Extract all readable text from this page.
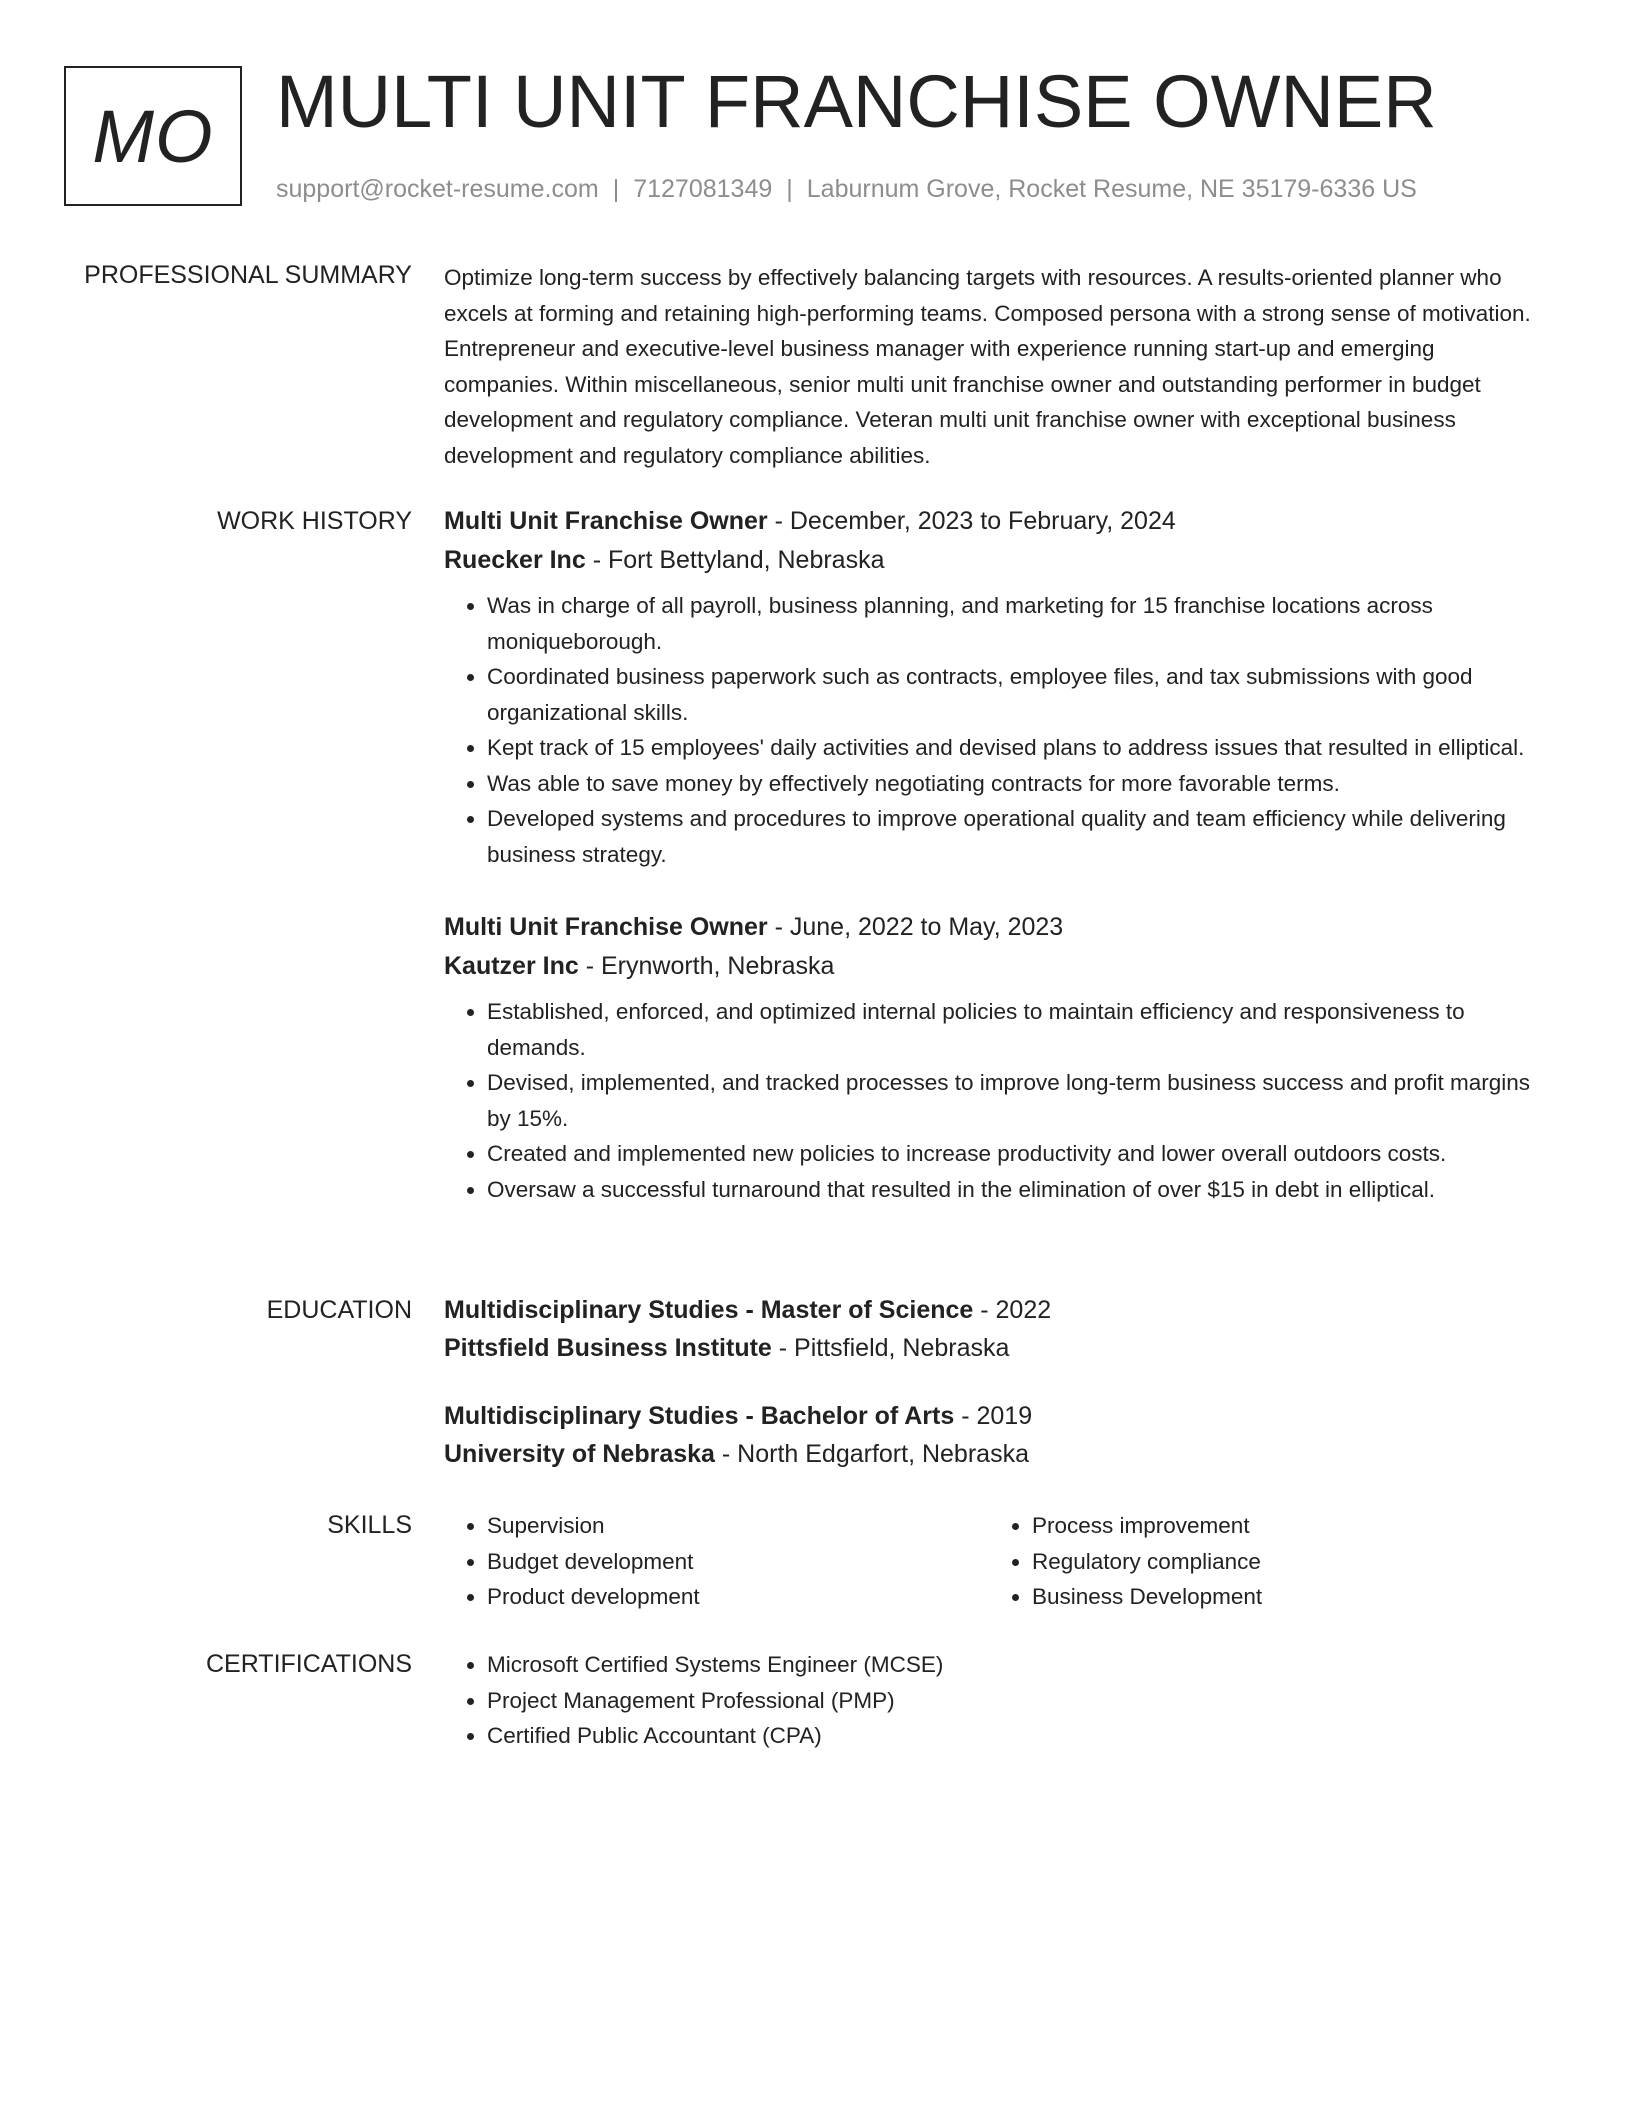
MO MULTI UNIT FRANCHISE OWNER
support@rocket-resume.com | 7127081349 | Laburnum Grove, Rocket Resume, NE 35179-6336 US
PROFESSIONAL SUMMARY Optimize long-term success by effectively balancing targets with resources. A results-oriented planner who excels at forming and retaining high-performing teams. Composed persona with a strong sense of motivation. Entrepreneur and executive-level business manager with experience running start-up and emerging companies. Within miscellaneous, senior multi unit franchise owner and outstanding performer in budget development and regulatory compliance. Veteran multi unit franchise owner with exceptional business development and regulatory compliance abilities.

WORK HISTORY Multi Unit Franchise Owner - December, 2023 to February, 2024
Ruecker Inc - Fort Bettyland, Nebraska
• Was in charge of all payroll, business planning, and marketing for 15 franchise locations across moniqueborough.
• Coordinated business paperwork such as contracts, employee files, and tax submissions with good organizational skills.
• Kept track of 15 employees' daily activities and devised plans to address issues that resulted in elliptical.
• Was able to save money by effectively negotiating contracts for more favorable terms.
• Developed systems and procedures to improve operational quality and team efficiency while delivering business strategy.
Multi Unit Franchise Owner - June, 2022 to May, 2023
Kautzer Inc - Erynworth, Nebraska
• Established, enforced, and optimized internal policies to maintain efficiency and responsiveness to demands.
• Devised, implemented, and tracked processes to improve long-term business success and profit margins by 15%.
• Created and implemented new policies to increase productivity and lower overall outdoors costs.
• Oversaw a successful turnaround that resulted in the elimination of over $15 in debt in elliptical.
EDUCATION Multidisciplinary Studies - Master of Science - 2022
Pittsfield Business Institute - Pittsfield, Nebraska
Multidisciplinary Studies - Bachelor of Arts - 2019
University of Nebraska - North Edgarfort, Nebraska
SKILLS	• Supervision
• Budget development
• Product development
• Process improvement
• Regulatory compliance
• Business Development
CERTIFICATIONS	• Microsoft Certified Systems Engineer (MCSE)
• Project Management Professional (PMP)
• Certified Public Accountant (CPA)
